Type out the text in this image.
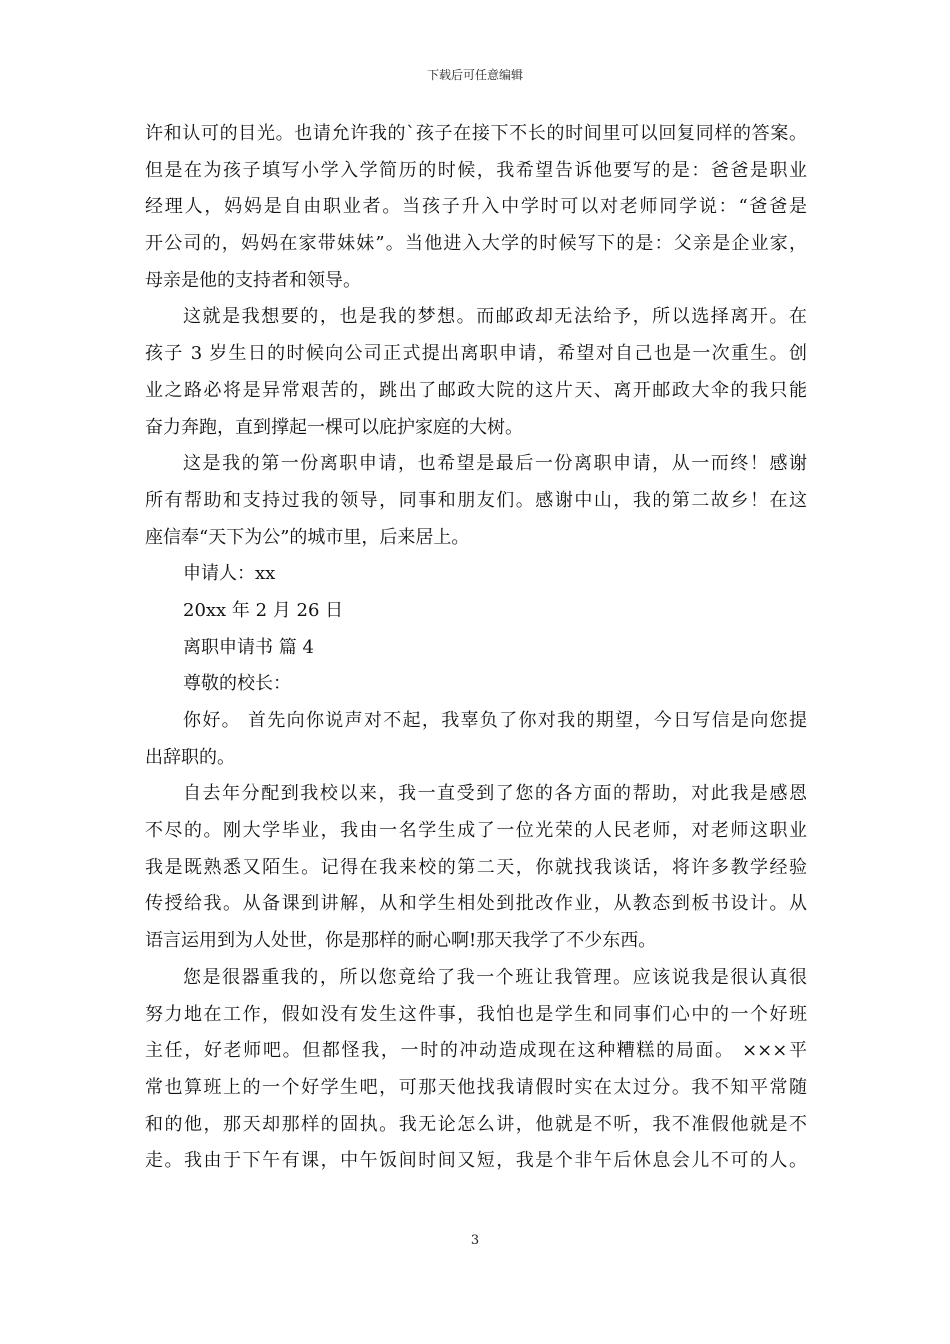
下载后可任意编辑
许和认可的目光。也请允许我的`孩子在接下不长的时间里可以回复同样的答案。
但是在为孩子填写小学入学简历的时候，我希望告诉他要写的是：爸爸是职业
经理人，妈妈是自由职业者。当孩子升入中学时可以对老师同学说：“爸爸是
开公司的，妈妈在家带妹妹”。当他进入大学的时候写下的是：父亲是企业家，
母亲是他的支持者和领导。
这就是我想要的，也是我的梦想。而邮政却无法给予，所以选择离开。在
孩子 3 岁生日的时候向公司正式提出离职申请，希望对自己也是一次重生。创
业之路必将是异常艰苦的，跳出了邮政大院的这片天、离开邮政大伞的我只能
奋力奔跑，直到撑起一棵可以庇护家庭的大树。
这是我的第一份离职申请，也希望是最后一份离职申请，从一而终！感谢
所有帮助和支持过我的领导，同事和朋友们。感谢中山，我的第二故乡！在这
座信奉“天下为公”的城市里，后来居上。
申请人：xx
20xx 年 2 月 26 日
离职申请书 篇 4
尊敬的校长：
你好。 首先向你说声对不起，我辜负了你对我的期望，今日写信是向您提
出辞职的。
自去年分配到我校以来，我一直受到了您的各方面的帮助，对此我是感恩
不尽的。刚大学毕业，我由一名学生成了一位光荣的人民老师，对老师这职业
我是既熟悉又陌生。记得在我来校的第二天，你就找我谈话，将许多教学经验
传授给我。从备课到讲解，从和学生相处到批改作业，从教态到板书设计。从
语言运用到为人处世，你是那样的耐心啊!那天我学了不少东西。
您是很器重我的，所以您竟给了我一个班让我管理。应该说我是很认真很
努力地在工作，假如没有发生这件事，我怕也是学生和同事们心中的一个好班
主任，好老师吧。但都怪我，一时的冲动造成现在这种糟糕的局面。 ×××平
常也算班上的一个好学生吧，可那天他找我请假时实在太过分。我不知平常随
和的他，那天却那样的固执。我无论怎么讲，他就是不听，我不准假他就是不
走。我由于下午有课，中午饭间时间又短，我是个非午后休息会儿不可的人。
3
